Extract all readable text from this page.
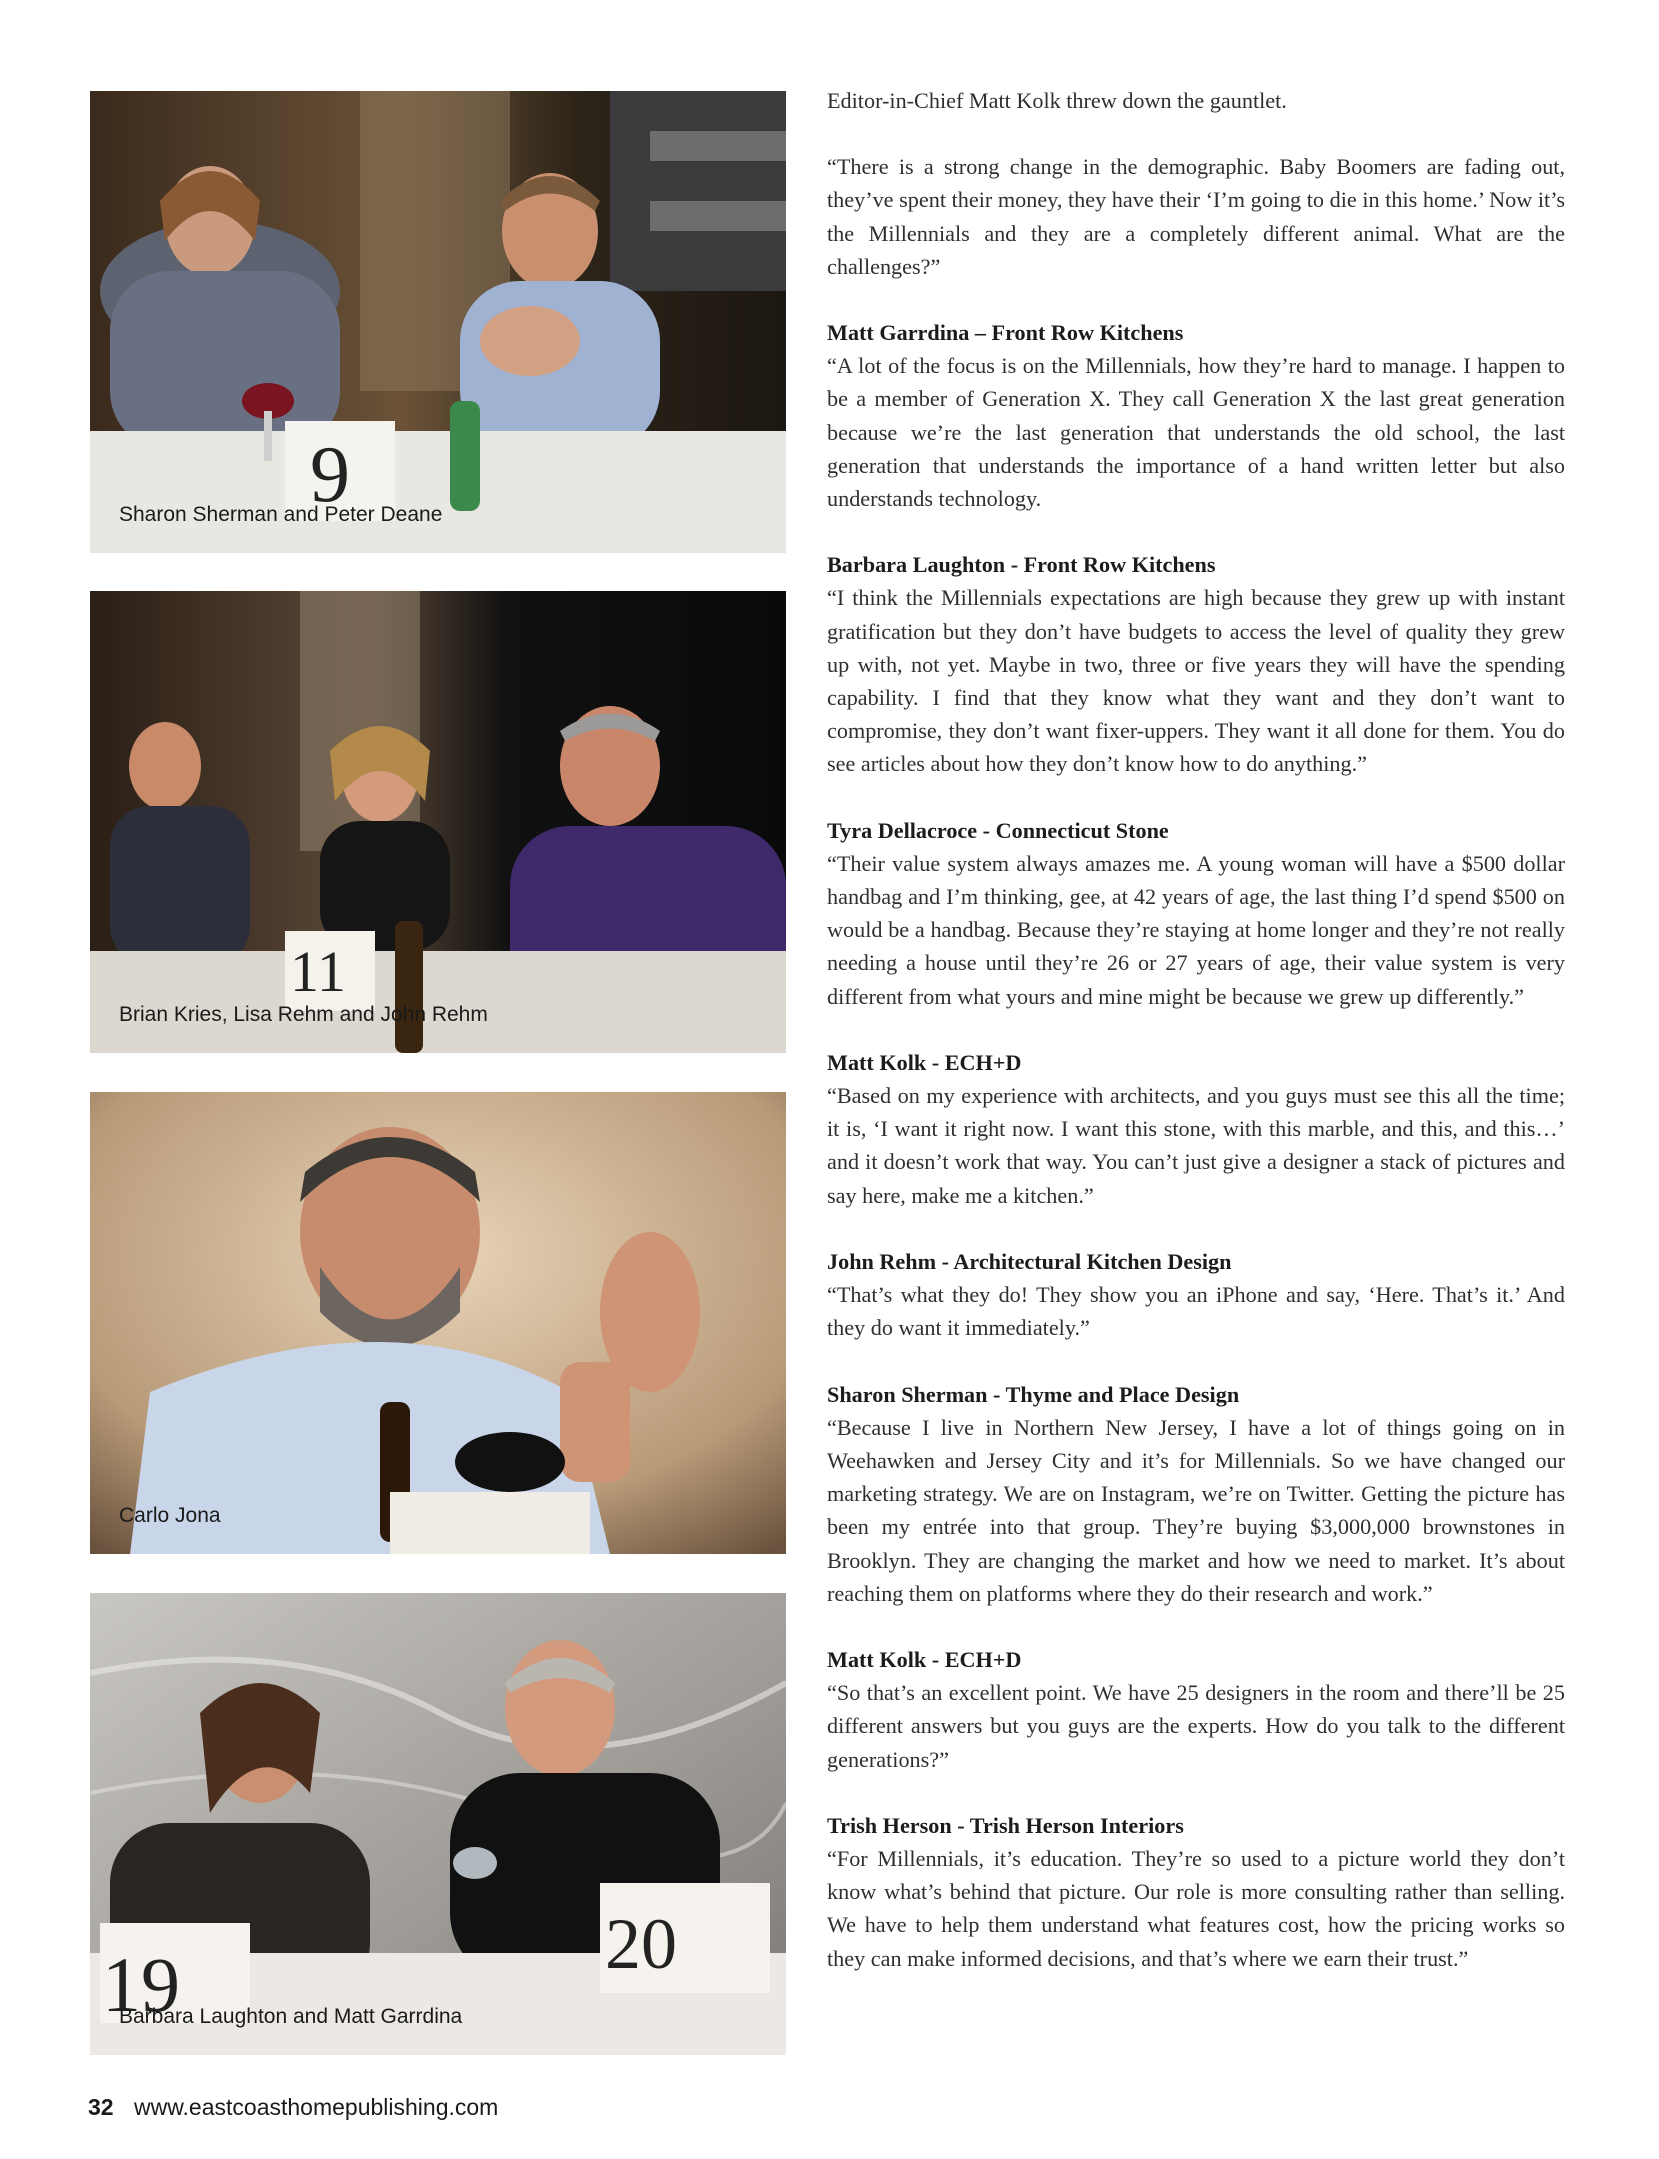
9
Sharon Sherman and Peter Deane
11
Brian Kries, Lisa Rehm and John Rehm
Carlo Jona
19	20
Barbara Laughton and Matt Garrdina

Editor-in-Chief Matt Kolk threw down the gauntlet.

“There is a strong change in the demographic. Baby Boomers are fading out, they’ve spent their money, they have their ‘I’m going to die in this home.’ Now it’s the Millennials and they are a completely different animal. What are the challenges?”

Matt Garrdina – Front Row Kitchens
“A lot of the focus is on the Millennials, how they’re hard to manage. I happen to be a member of Generation X. They call Generation X the last great generation because we’re the last generation that understands the old school, the last generation that understands the importance of a hand written letter but also understands technology.

Barbara Laughton - Front Row Kitchens
“I think the Millennials expectations are high because they grew up with instant gratification but they don’t have budgets to access the level of quality they grew up with, not yet. Maybe in two, three or five years they will have the spending capability. I find that they know what they want and they don’t want to compromise, they don’t want fixer-uppers. They want it all done for them. You do see articles about how they don’t know how to do anything.”

Tyra Dellacroce - Connecticut Stone
“Their value system always amazes me. A young woman will have a $500 dollar handbag and I’m thinking, gee, at 42 years of age, the last thing I’d spend $500 on would be a handbag. Because they’re staying at home longer and they’re not really needing a house until they’re 26 or 27 years of age, their value system is very different from what yours and mine might be because we grew up differently.”

Matt Kolk - ECH+D
“Based on my experience with architects, and you guys must see this all the time; it is, ‘I want it right now. I want this stone, with this marble, and this, and this…’ and it doesn’t work that way. You can’t just give a designer a stack of pictures and say here, make me a kitchen.”

John Rehm - Architectural Kitchen Design
“That’s what they do! They show you an iPhone and say, ‘Here. That’s it.’ And they do want it immediately.”

Sharon Sherman - Thyme and Place Design
“Because I live in Northern New Jersey, I have a lot of things going on in Weehawken and Jersey City and it’s for Millennials. So we have changed our marketing strategy. We are on Instagram, we’re on Twitter. Getting the picture has been my entrée into that group. They’re buying $3,000,000 brownstones in Brooklyn. They are changing the market and how we need to market. It’s about reaching them on platforms where they do their research and work.”

Matt Kolk - ECH+D
“So that’s an excellent point. We have 25 designers in the room and there’ll be 25 different answers but you guys are the experts. How do you talk to the different generations?”

Trish Herson - Trish Herson Interiors
“For Millennials, it’s education. They’re so used to a picture world they don’t know what’s behind that picture. Our role is more consulting rather than selling. We have to help them understand what features cost, how the pricing works so they can make informed decisions, and that’s where we earn their trust.”

32 www.eastcoasthomepublishing.com
